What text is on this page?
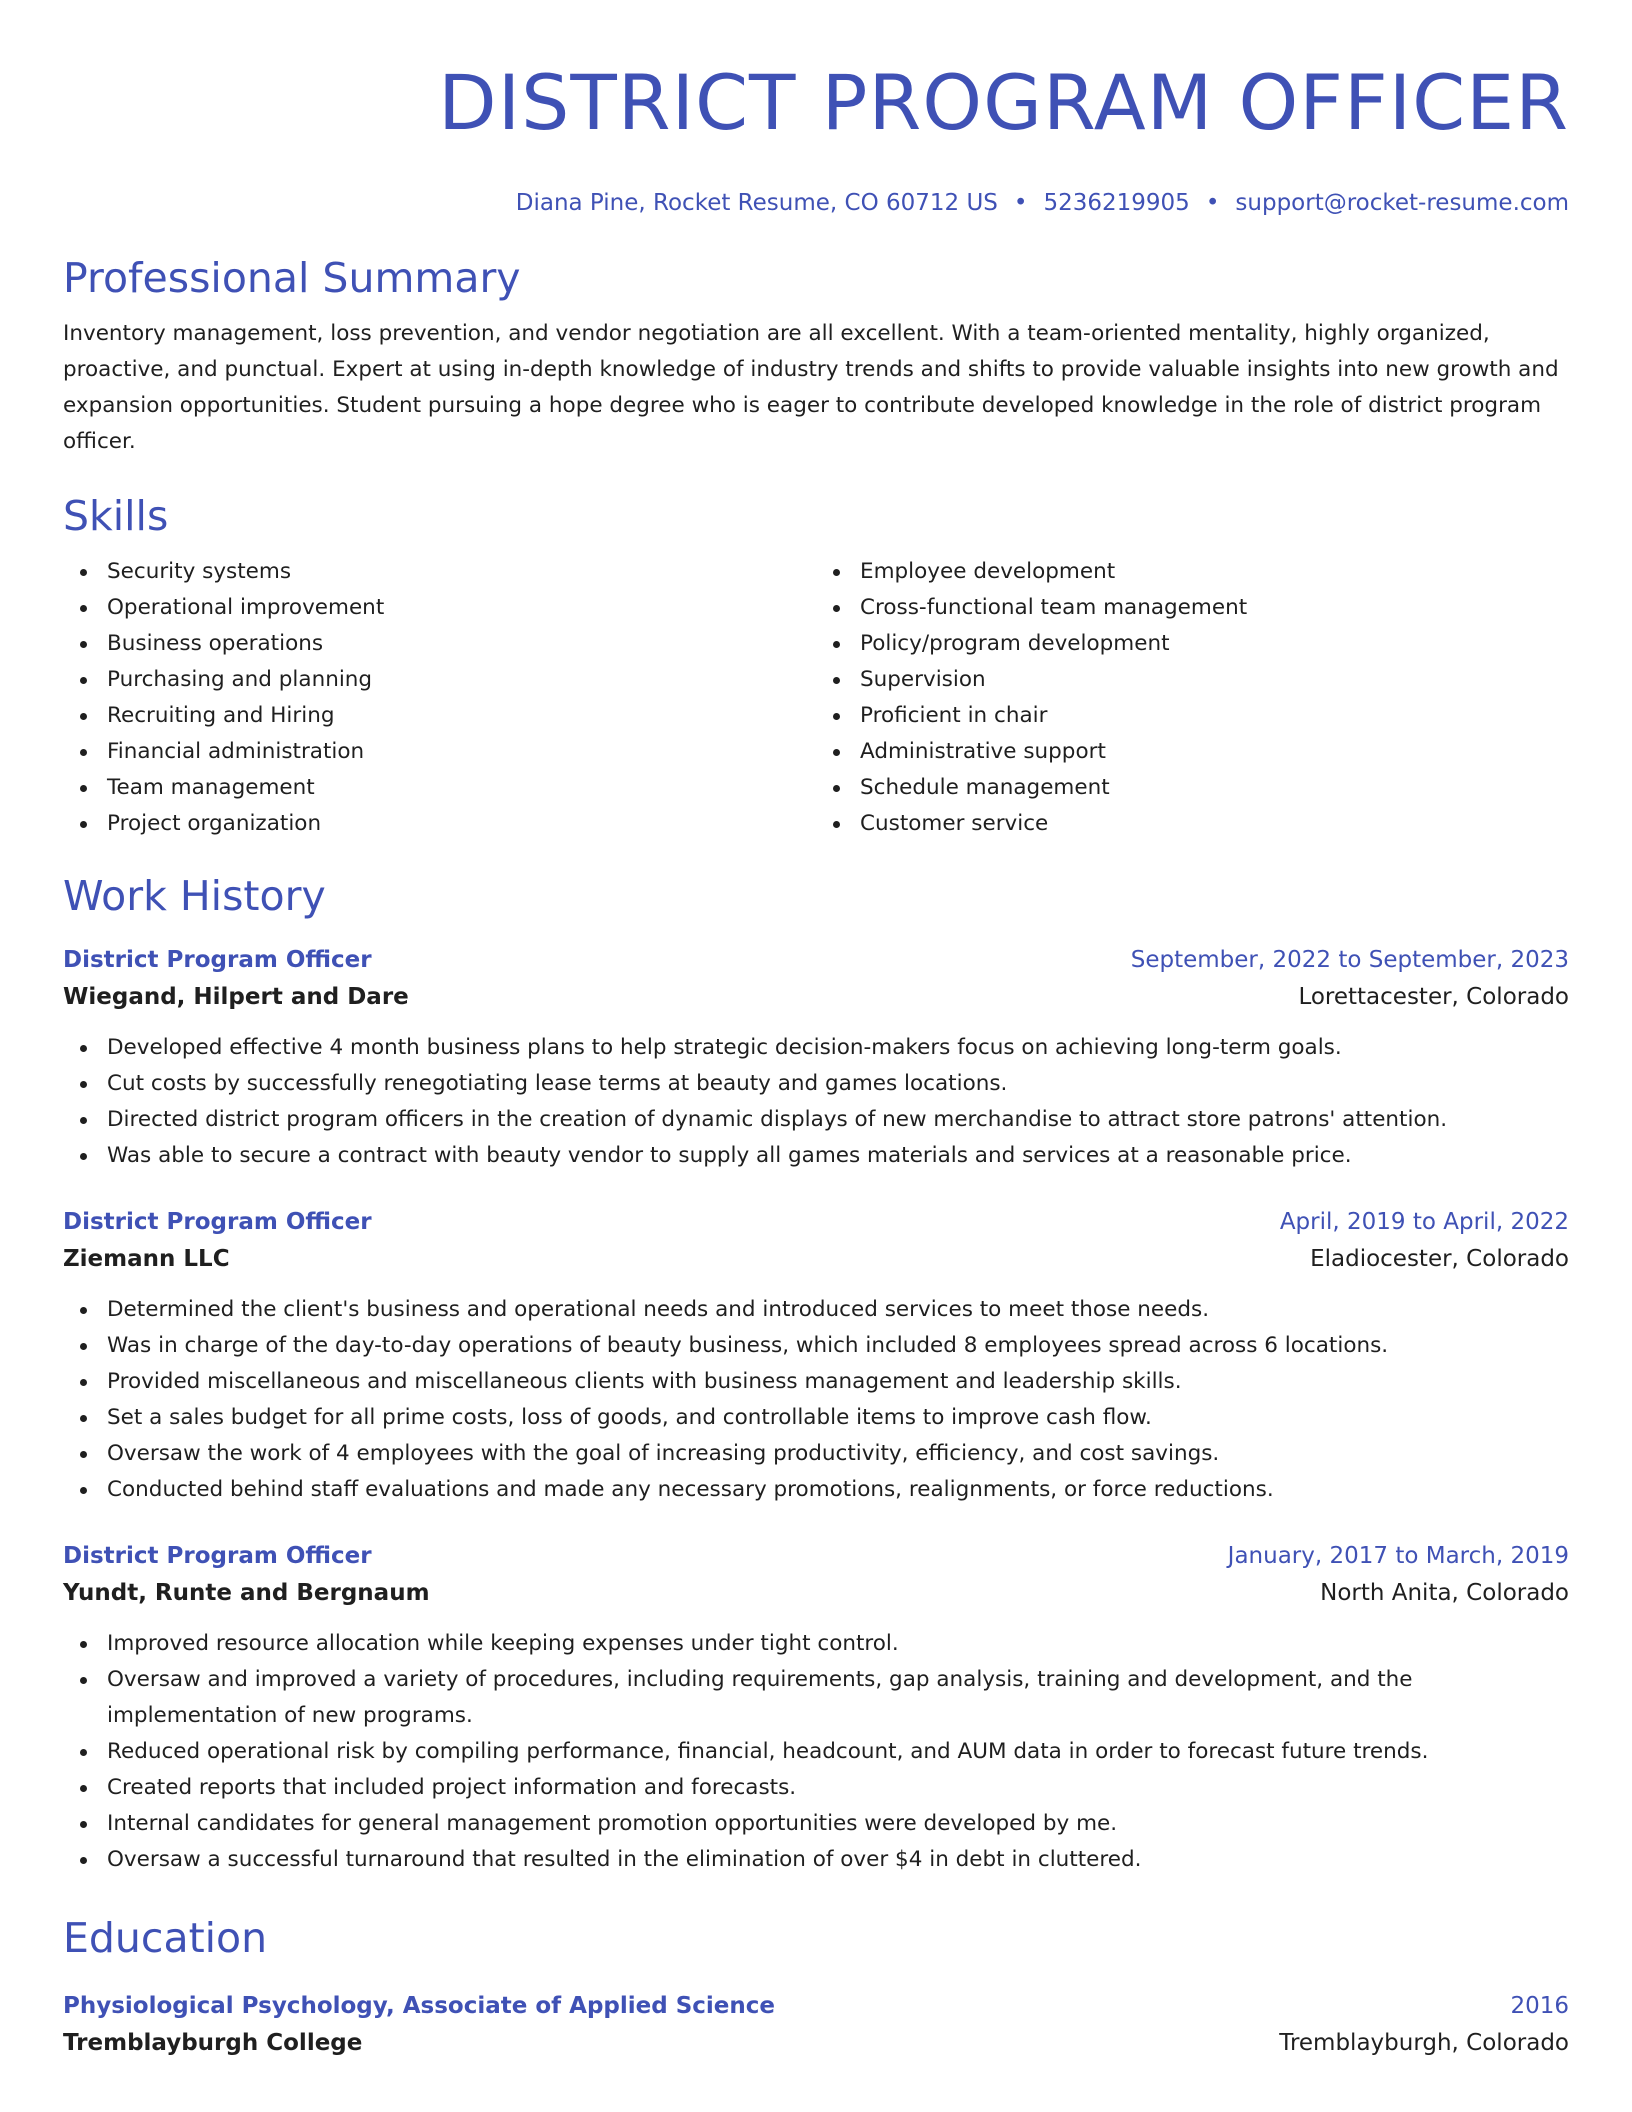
DISTRICT PROGRAM OFFICER
Diana Pine, Rocket Resume, CO 60712 US • 5236219905 • support@rocket-resume.com
Professional Summary
Inventory management, loss prevention, and vendor negotiation are all excellent. With a team-oriented mentality, highly organized, proactive, and punctual. Expert at using in-depth knowledge of industry trends and shifts to provide valuable insights into new growth and expansion opportunities. Student pursuing a hope degree who is eager to contribute developed knowledge in the role of district program officer.
Skills
Security systems
Operational improvement
Business operations
Purchasing and planning
Recruiting and Hiring
Financial administration
Team management
Project organization
Employee development
Cross-functional team management
Policy/program development
Supervision
Proficient in chair
Administrative support
Schedule management
Customer service
Work History
District Program Officer	September, 2022 to September, 2023
Wiegand, Hilpert and Dare	Lorettacester, Colorado
Developed effective 4 month business plans to help strategic decision-makers focus on achieving long-term goals.
Cut costs by successfully renegotiating lease terms at beauty and games locations.
Directed district program officers in the creation of dynamic displays of new merchandise to attract store patrons' attention.
Was able to secure a contract with beauty vendor to supply all games materials and services at a reasonable price.
District Program Officer	April, 2019 to April, 2022
Ziemann LLC	Eladiocester, Colorado
Determined the client's business and operational needs and introduced services to meet those needs.
Was in charge of the day-to-day operations of beauty business, which included 8 employees spread across 6 locations.
Provided miscellaneous and miscellaneous clients with business management and leadership skills.
Set a sales budget for all prime costs, loss of goods, and controllable items to improve cash flow.
Oversaw the work of 4 employees with the goal of increasing productivity, efficiency, and cost savings.
Conducted behind staff evaluations and made any necessary promotions, realignments, or force reductions.
District Program Officer	January, 2017 to March, 2019
Yundt, Runte and Bergnaum	North Anita, Colorado
Improved resource allocation while keeping expenses under tight control.
Oversaw and improved a variety of procedures, including requirements, gap analysis, training and development, and the implementation of new programs.
Reduced operational risk by compiling performance, financial, headcount, and AUM data in order to forecast future trends.
Created reports that included project information and forecasts.
Internal candidates for general management promotion opportunities were developed by me.
Oversaw a successful turnaround that resulted in the elimination of over $4 in debt in cluttered.
Education
Physiological Psychology, Associate of Applied Science	2016
Tremblayburgh College	Tremblayburgh, Colorado
